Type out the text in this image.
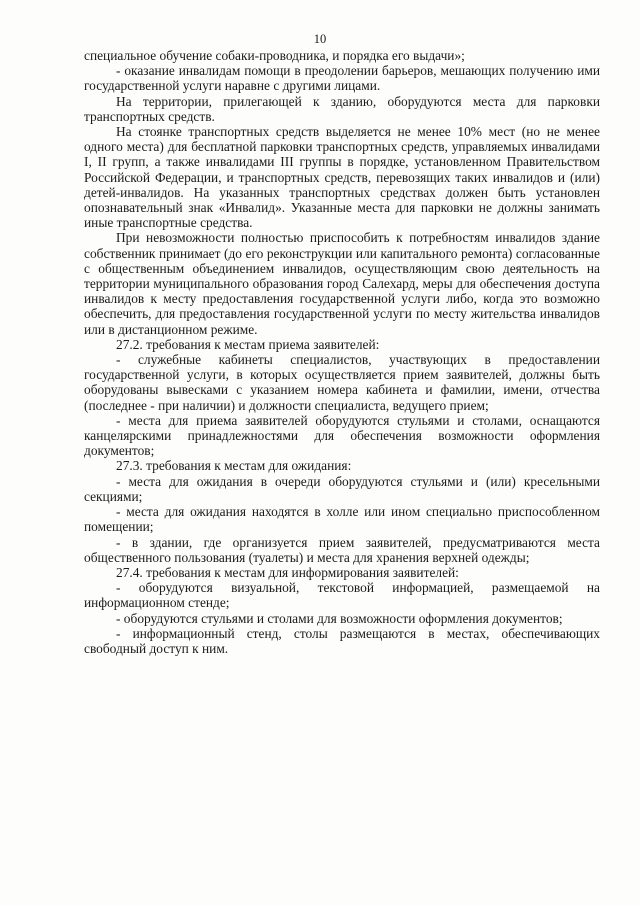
10

специальное обучение собаки-проводника, и порядка его выдачи»;

- оказание инвалидам помощи в преодолении барьеров, мешающих получению ими государственной услуги наравне с другими лицами.

На территории, прилегающей к зданию, оборудуются места для парковки транспортных средств.

На стоянке транспортных средств выделяется не менее 10% мест (но не менее одного места) для бесплатной парковки транспортных средств, управляемых инвалидами I, II групп, а также инвалидами III группы в порядке, установленном Правительством Российской Федерации, и транспортных средств, перевозящих таких инвалидов и (или) детей-инвалидов. На указанных транспортных средствах должен быть установлен опознавательный знак «Инвалид». Указанные места для парковки не должны занимать иные транспортные средства.

При невозможности полностью приспособить к потребностям инвалидов здание собственник принимает (до его реконструкции или капитального ремонта) согласованные с общественным объединением инвалидов, осуществляющим свою деятельность на территории муниципального образования город Салехард, меры для обеспечения доступа инвалидов к месту предоставления государственной услуги либо, когда это возможно обеспечить, для предоставления государственной услуги по месту жительства инвалидов или в дистанционном режиме.

27.2. требования к местам приема заявителей:

- служебные кабинеты специалистов, участвующих в предоставлении государственной услуги, в которых осуществляется прием заявителей, должны быть оборудованы вывесками с указанием номера кабинета и фамилии, имени, отчества (последнее - при наличии) и должности специалиста, ведущего прием;

- места для приема заявителей оборудуются стульями и столами, оснащаются канцелярскими принадлежностями для обеспечения возможности оформления документов;

27.3. требования к местам для ожидания:

- места для ожидания в очереди оборудуются стульями и (или) кресельными секциями;

- места для ожидания находятся в холле или ином специально приспособленном помещении;

- в здании, где организуется прием заявителей, предусматриваются места общественного пользования (туалеты) и места для хранения верхней одежды;

27.4. требования к местам для информирования заявителей:

- оборудуются визуальной, текстовой информацией, размещаемой на информационном стенде;

- оборудуются стульями и столами для возможности оформления документов;

- информационный стенд, столы размещаются в местах, обеспечивающих свободный доступ к ним.
